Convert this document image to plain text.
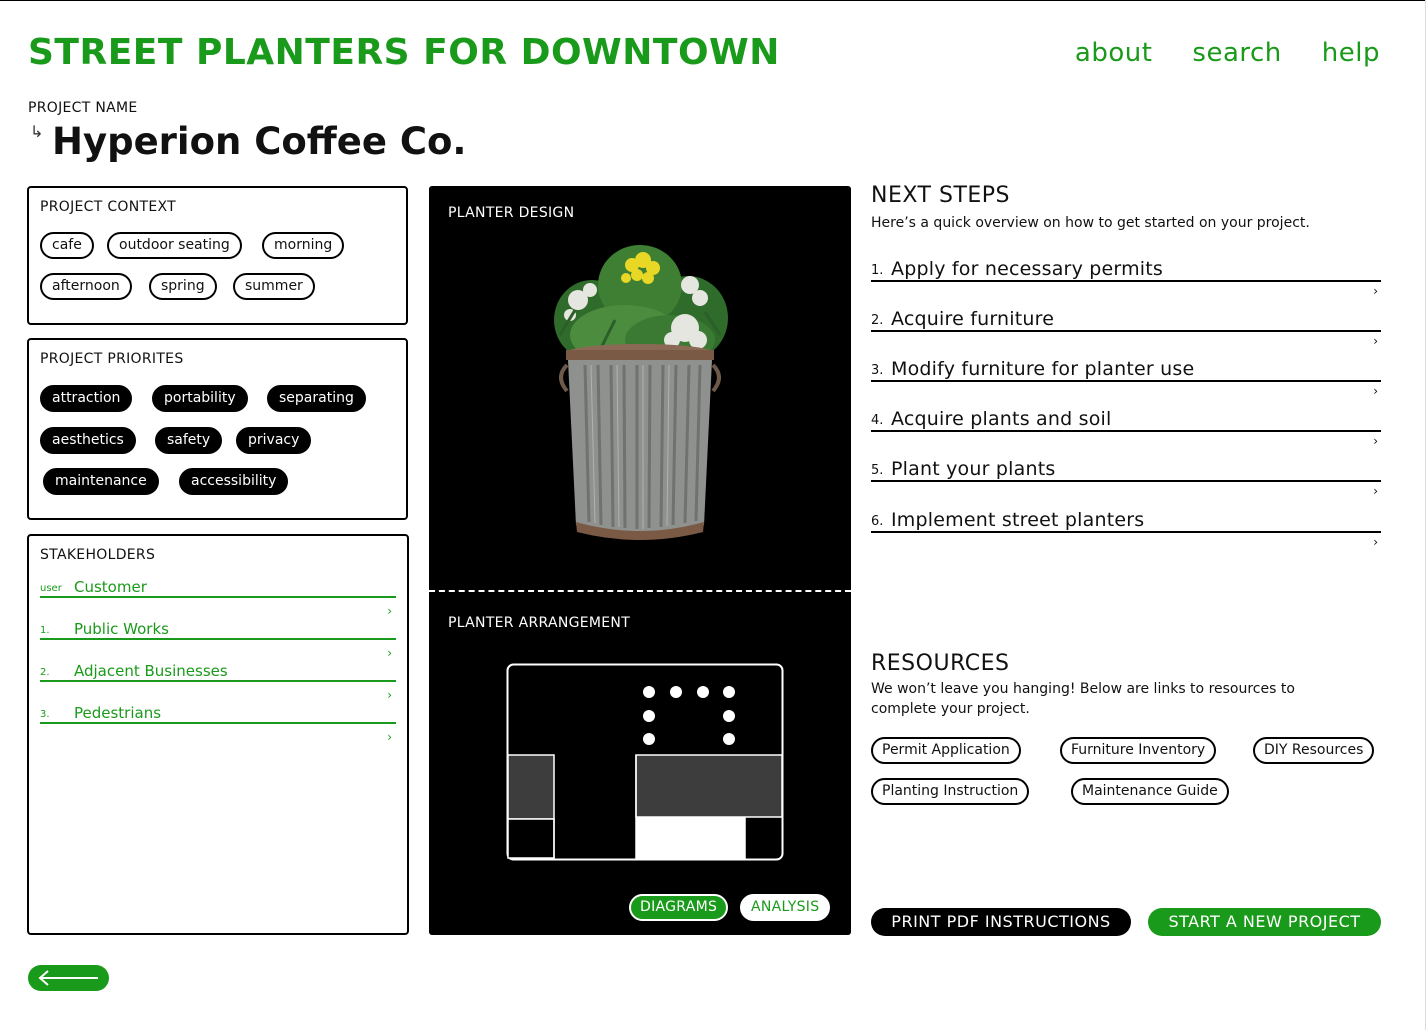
STREET PLANTERS FOR DOWNTOWN	about search help
PROJECT NAME
↳ Hyperion Coffee Co.
PROJECT CONTEXT
cafe	outdoor seating	morning
afternoon	spring	summer
PROJECT PRIORITES
attraction	portability	separating
aesthetics	safety	privacy
maintenance	accessibility
STAKEHOLDERS
user Customer
›
1. Public Works
›
2. Adjacent Businesses
›
3. Pedestrians
›
PLANTER DESIGN
PLANTER ARRANGEMENT
DIAGRAMS	ANALYSIS
NEXT STEPS
Here’s a quick overview on how to get started on your project.
1. Apply for necessary permits
›
2. Acquire furniture
›
3. Modify furniture for planter use
›
4. Acquire plants and soil
›
5. Plant your plants
›
6. Implement street planters
›
RESOURCES
We won’t leave you hanging! Below are links to resources to complete your project.
Permit Application	Furniture Inventory	DIY Resources
Planting Instruction	Maintenance Guide
PRINT PDF INSTRUCTIONS	START A NEW PROJECT
